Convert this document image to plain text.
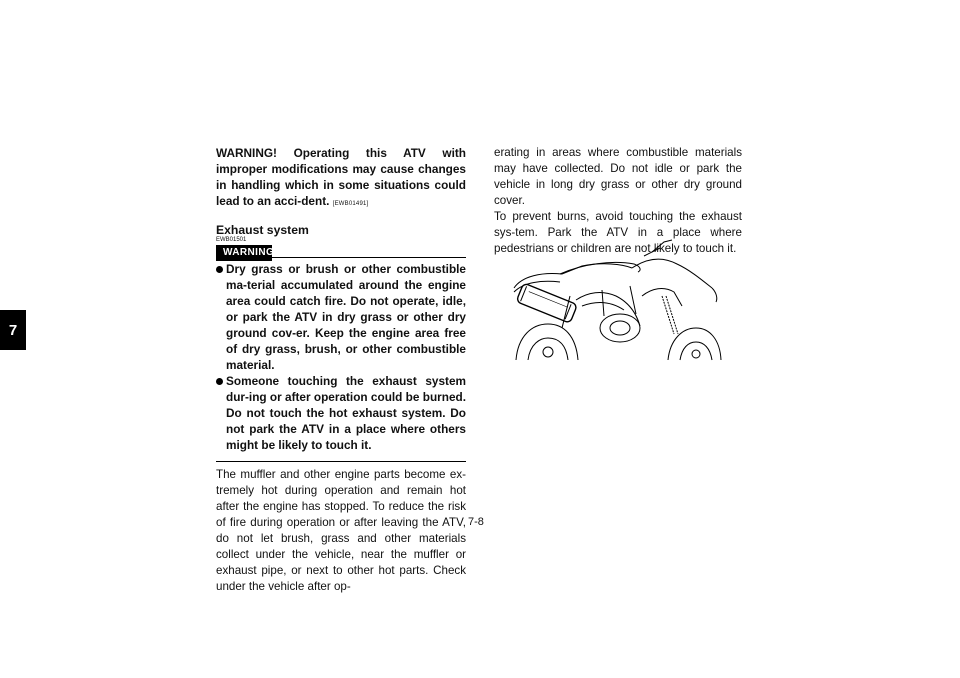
7

WARNING! Operating this ATV with improper modifications may cause changes in handling which in some situations could lead to an acci-dent. [EWB01491]

Exhaust system

EWB01501

WARNING
Dry grass or brush or other combustible ma-terial accumulated around the engine area could catch fire. Do not operate, idle, or park the ATV in dry grass or other dry ground cov-er. Keep the engine area free of dry grass, brush, or other combustible material.
Someone touching the exhaust system dur-ing or after operation could be burned. Do not touch the hot exhaust system. Do not park the ATV in a place where others might be likely to touch it.

The muffler and other engine parts become ex-tremely hot during operation and remain hot after the engine has stopped. To reduce the risk of fire during operation or after leaving the ATV, do not let brush, grass and other materials collect under the vehicle, near the muffler or exhaust pipe, or next to other hot parts. Check under the vehicle after op-

erating in areas where combustible materials may have collected. Do not idle or park the vehicle in long dry grass or other dry ground cover.

To prevent burns, avoid touching the exhaust sys-tem. Park the ATV in a place where pedestrians or children are not likely to touch it.

7-8
